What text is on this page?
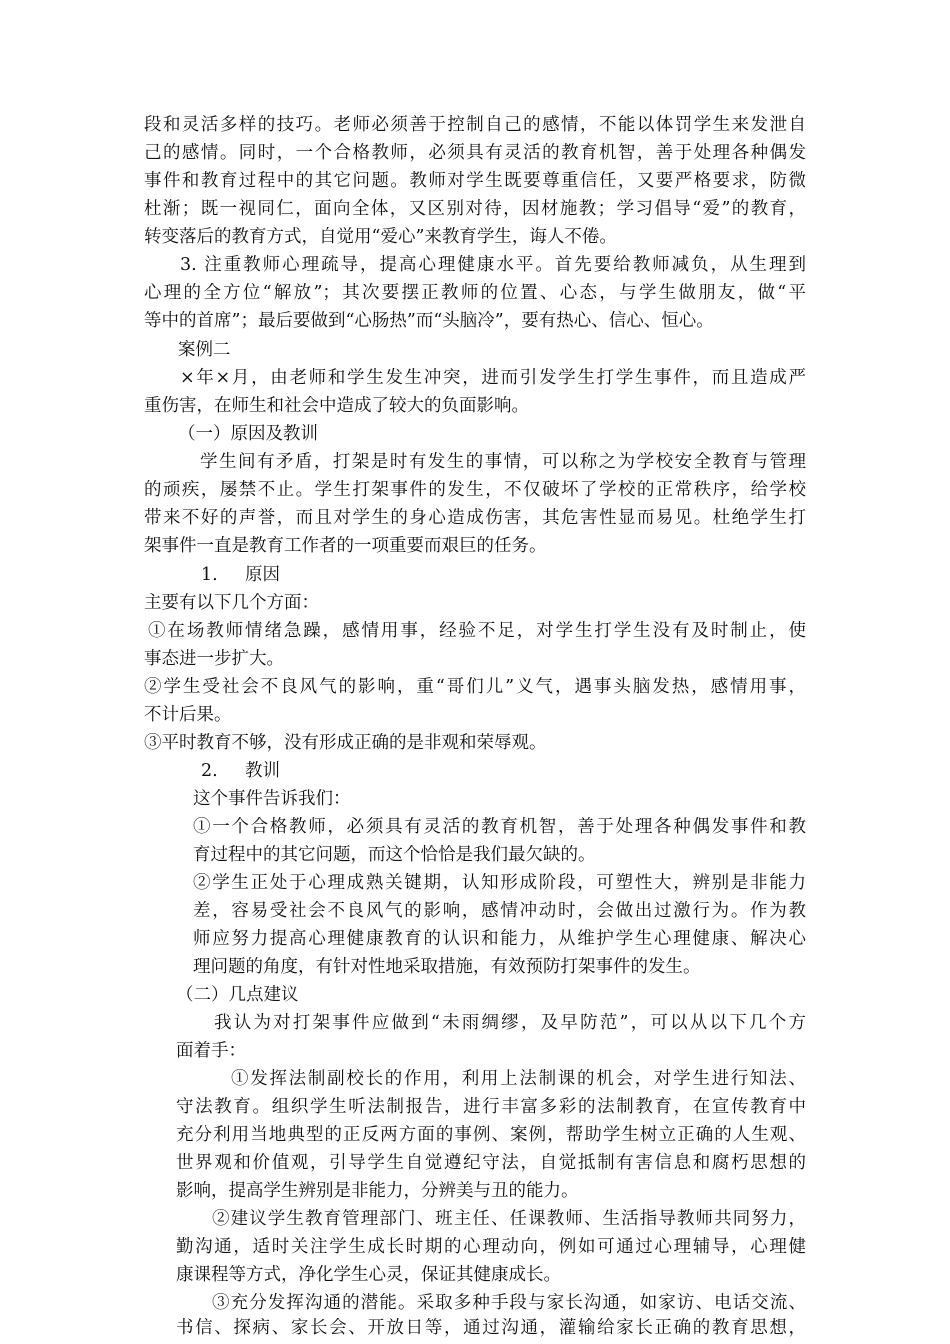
段和灵活多样的技巧。老师必须善于控制自己的感情，不能以体罚学生来发泄自

己的感情。同时，一个合格教师，必须具有灵活的教育机智，善于处理各种偶发

事件和教育过程中的其它问题。教师对学生既要尊重信任，又要严格要求，防微

杜渐；既一视同仁，面向全体，又区别对待，因材施教；学习倡导“爱”的教育，

转变落后的教育方式，自觉用“爱心”来教育学生，诲人不倦。

3. 注重教师心理疏导，提高心理健康水平。首先要给教师减负，从生理到

心理的全方位“解放”；其次要摆正教师的位置、心态，与学生做朋友，做“平

等中的首席”；最后要做到“心肠热”而“头脑冷”，要有热心、信心、恒心。

案例二

×年×月，由老师和学生发生冲突，进而引发学生打学生事件，而且造成严

重伤害，在师生和社会中造成了较大的负面影响。

（一）原因及教训

学生间有矛盾，打架是时有发生的事情，可以称之为学校安全教育与管理

的顽疾，屡禁不止。学生打架事件的发生，不仅破坏了学校的正常秩序，给学校

带来不好的声誉，而且对学生的身心造成伤害，其危害性显而易见。杜绝学生打

架事件一直是教育工作者的一项重要而艰巨的任务。

1. 原因

主要有以下几个方面：

①在场教师情绪急躁，感情用事，经验不足，对学生打学生没有及时制止，使

事态进一步扩大。

②学生受社会不良风气的影响，重“哥们儿”义气，遇事头脑发热，感情用事，

不计后果。

③平时教育不够，没有形成正确的是非观和荣辱观。

2. 教训

这个事件告诉我们：

①一个合格教师，必须具有灵活的教育机智，善于处理各种偶发事件和教

育过程中的其它问题，而这个恰恰是我们最欠缺的。

②学生正处于心理成熟关键期，认知形成阶段，可塑性大，辨别是非能力

差，容易受社会不良风气的影响，感情冲动时，会做出过激行为。作为教

师应努力提高心理健康教育的认识和能力，从维护学生心理健康、解决心

理问题的角度，有针对性地采取措施，有效预防打架事件的发生。

（二）几点建议

我认为对打架事件应做到“未雨绸缪，及早防范”，可以从以下几个方

面着手：

①发挥法制副校长的作用，利用上法制课的机会，对学生进行知法、

守法教育。组织学生听法制报告，进行丰富多彩的法制教育，在宣传教育中

充分利用当地典型的正反两方面的事例、案例，帮助学生树立正确的人生观、

世界观和价值观，引导学生自觉遵纪守法，自觉抵制有害信息和腐朽思想的

影响，提高学生辨别是非能力，分辨美与丑的能力。

②建议学生教育管理部门、班主任、任课教师、生活指导教师共同努力，

勤沟通，适时关注学生成长时期的心理动向，例如可通过心理辅导，心理健

康课程等方式，净化学生心灵，保证其健康成长。

③充分发挥沟通的潜能。采取多种手段与家长沟通，如家访、电话交流、

书信、探病、家长会、开放日等，通过沟通，灌输给家长正确的教育思想，
